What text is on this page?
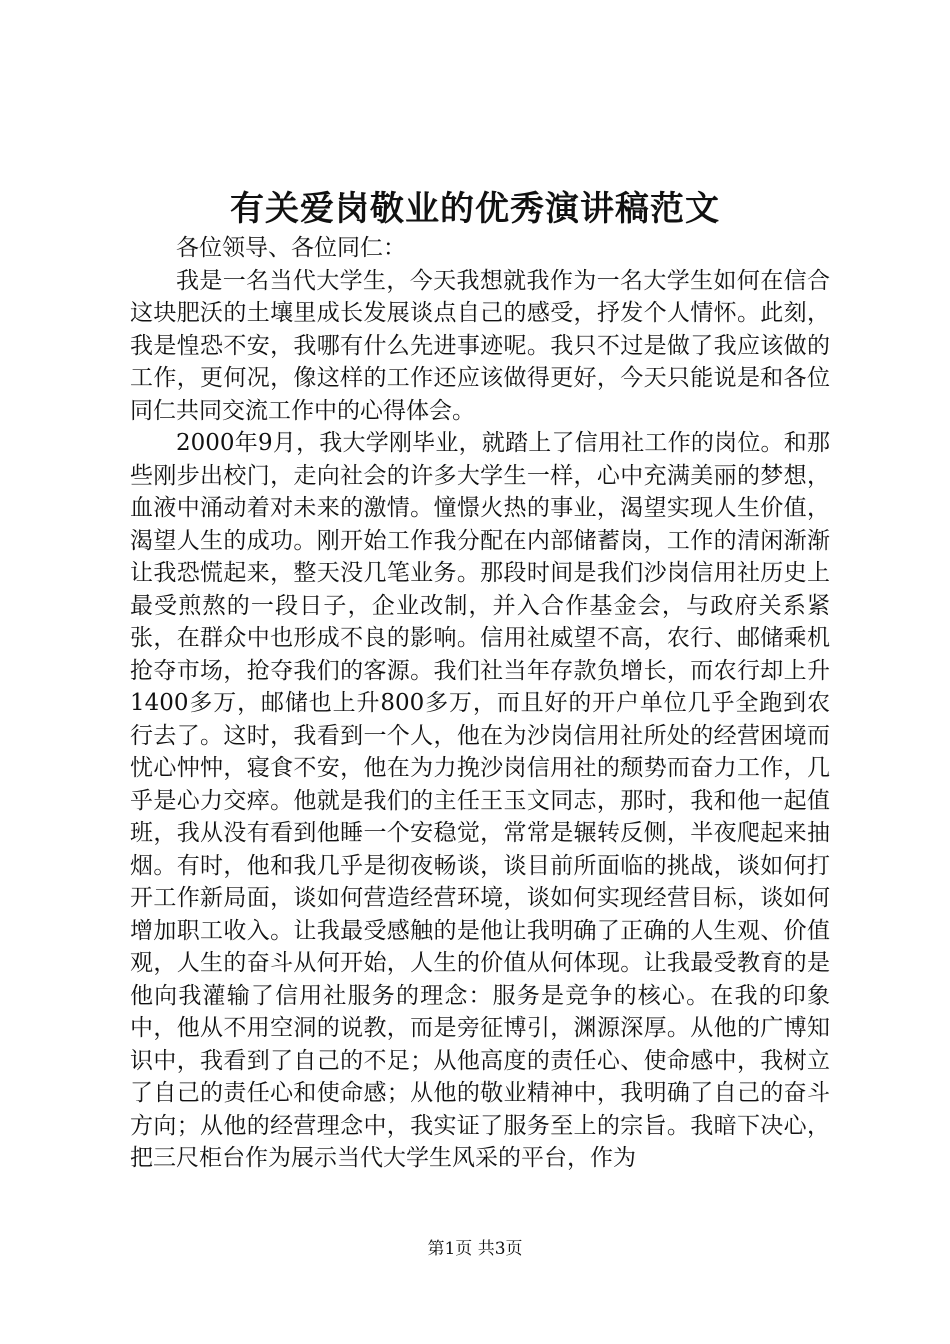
有关爱岗敬业的优秀演讲稿范文

各位领导、各位同仁：

我是一名当代大学生，今天我想就我作为一名大学生如何在信合这块肥沃的土壤里成长发展谈点自己的感受，抒发个人情怀。此刻，我是惶恐不安，我哪有什么先进事迹呢。我只不过是做了我应该做的工作，更何况，像这样的工作还应该做得更好，今天只能说是和各位同仁共同交流工作中的心得体会。

2000年9月，我大学刚毕业，就踏上了信用社工作的岗位。和那些刚步出校门，走向社会的许多大学生一样，心中充满美丽的梦想，血液中涌动着对未来的激情。憧憬火热的事业，渴望实现人生价值，渴望人生的成功。刚开始工作我分配在内部储蓄岗，工作的清闲渐渐让我恐慌起来，整天没几笔业务。那段时间是我们沙岗信用社历史上最受煎熬的一段日子，企业改制，并入合作基金会，与政府关系紧张，在群众中也形成不良的影响。信用社威望不高，农行、邮储乘机抢夺市场，抢夺我们的客源。我们社当年存款负增长，而农行却上升1400多万，邮储也上升800多万，而且好的开户单位几乎全跑到农行去了。这时，我看到一个人，他在为沙岗信用社所处的经营困境而忧心忡忡，寝食不安，他在为力挽沙岗信用社的颓势而奋力工作，几乎是心力交瘁。他就是我们的主任王玉文同志，那时，我和他一起值班，我从没有看到他睡一个安稳觉，常常是辗转反侧，半夜爬起来抽烟。有时，他和我几乎是彻夜畅谈，谈目前所面临的挑战，谈如何打开工作新局面，谈如何营造经营环境，谈如何实现经营目标，谈如何增加职工收入。让我最受感触的是他让我明确了正确的人生观、价值观，人生的奋斗从何开始，人生的价值从何体现。让我最受教育的是他向我灌输了信用社服务的理念：服务是竞争的核心。在我的印象中，他从不用空洞的说教，而是旁征博引，渊源深厚。从他的广博知识中，我看到了自己的不足；从他高度的责任心、使命感中，我树立了自己的责任心和使命感；从他的敬业精神中，我明确了自己的奋斗方向；从他的经营理念中，我实证了服务至上的宗旨。我暗下决心，把三尺柜台作为展示当代大学生风采的平台，作为

第1页 共3页
